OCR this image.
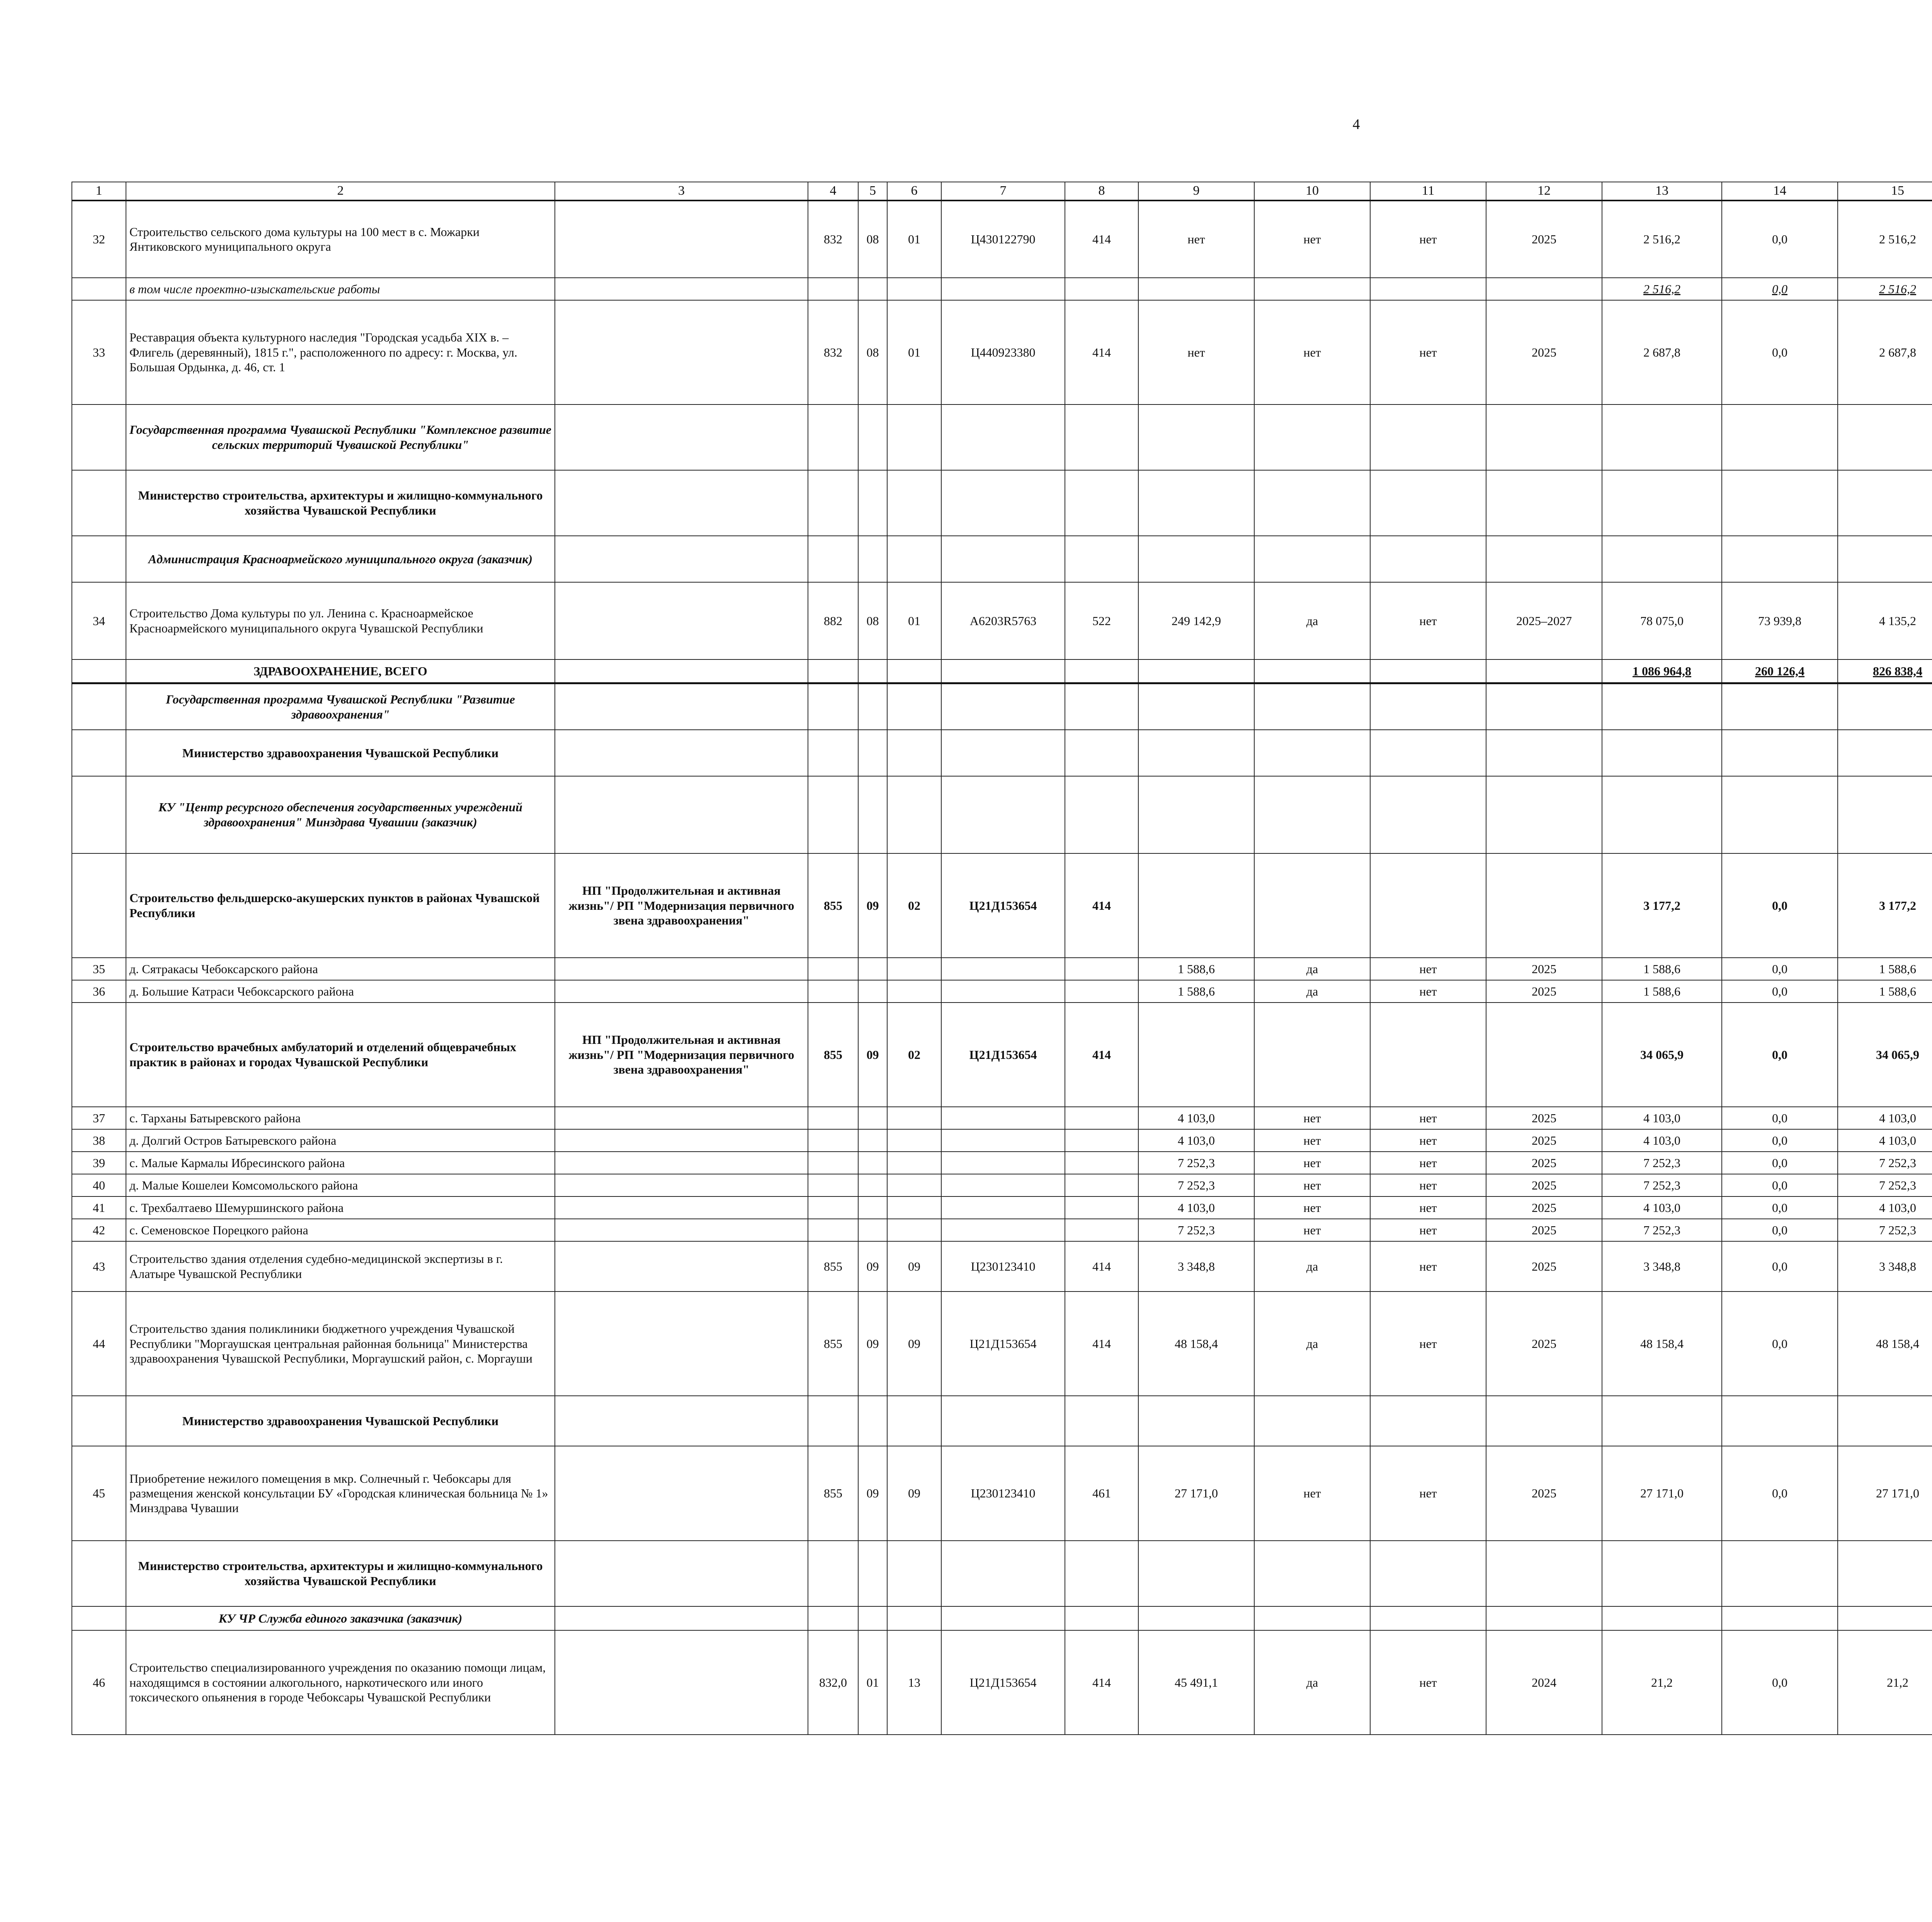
4
1	2	3	4	5	6	7	8	9	10	11	12	13	14	15						
32	Строительство сельского дома культуры на 100 мест в с. Можарки Янтиковского муниципального округа		832	08	01	Ц430122790	414	нет	нет	нет	2025	2 516,2	0,0	2 516,2						
	в том числе проектно-изыскательские работы											2 516,2	0,0	2 516,2						
33	Реставрация объекта культурного наследия "Городская усадьба XIX в. – Флигель (деревянный), 1815 г.", расположенного по адресу: г. Москва, ул. Большая Ордынка, д. 46, ст. 1		832	08	01	Ц440923380	414	нет	нет	нет	2025	2 687,8	0,0	2 687,8						
	Государственная программа Чувашской Республики "Комплексное развитие сельских территорий Чувашской Республики"																			
	Министерство строительства, архитектуры и жилищно-коммунального хозяйства Чувашской Республики																			
	Администрация Красноармейского муниципального округа (заказчик)																			
34	Строительство Дома культуры по ул. Ленина с. Красноармейское Красноармейского муниципального округа Чувашской Республики		882	08	01	А6203R5763	522	249 142,9	да	нет	2025–2027	78 075,0	73 939,8	4 135,2						
	ЗДРАВООХРАНЕНИЕ, ВСЕГО											1 086 964,8	260 126,4	826 838,4						
	Государственная программа Чувашской Республики "Развитие здравоохранения"																			
	Министерство здравоохранения Чувашской Республики																			
	КУ "Центр ресурсного обеспечения государственных учреждений здравоохранения" Минздрава Чувашии (заказчик)																			
	Строительство фельдшерско-акушерских пунктов в районах Чувашской Республики	НП "Продолжительная и активная жизнь"/ РП "Модернизация первичного звена здравоохранения"	855	09	02	Ц21Д153654	414					3 177,2	0,0	3 177,2						
35	д. Сятракасы Чебоксарского района							1 588,6	да	нет	2025	1 588,6	0,0	1 588,6						
36	д. Большие Катраси Чебоксарского района							1 588,6	да	нет	2025	1 588,6	0,0	1 588,6						
	Строительство врачебных амбулаторий и отделений общеврачебных практик в районах и городах Чувашской Республики	НП "Продолжительная и активная жизнь"/ РП "Модернизация первичного звена здравоохранения"	855	09	02	Ц21Д153654	414					34 065,9	0,0	34 065,9						
37	с. Тарханы Батыревского района							4 103,0	нет	нет	2025	4 103,0	0,0	4 103,0						
38	д. Долгий Остров Батыревского района							4 103,0	нет	нет	2025	4 103,0	0,0	4 103,0						
39	с. Малые Кармалы Ибресинского района							7 252,3	нет	нет	2025	7 252,3	0,0	7 252,3						
40	д. Малые Кошелеи Комсомольского района							7 252,3	нет	нет	2025	7 252,3	0,0	7 252,3						
41	с. Трехбалтаево Шемуршинского района							4 103,0	нет	нет	2025	4 103,0	0,0	4 103,0						
42	с. Семеновское Порецкого района							7 252,3	нет	нет	2025	7 252,3	0,0	7 252,3						
43	Строительство здания отделения судебно-медицинской экспертизы в г. Алатыре Чувашской Республики		855	09	09	Ц230123410	414	3 348,8	да	нет	2025	3 348,8	0,0	3 348,8						
44	Строительство здания поликлиники бюджетного учреждения Чувашской Республики "Моргаушская центральная районная больница" Министерства здравоохранения Чувашской Республики, Моргаушский район, с. Моргауши		855	09	09	Ц21Д153654	414	48 158,4	да	нет	2025	48 158,4	0,0	48 158,4						
	Министерство здравоохранения Чувашской Республики																			
45	Приобретение нежилого помещения в мкр. Солнечный г. Чебоксары для размещения женской консультации БУ «Городская клиническая больница № 1» Минздрава Чувашии		855	09	09	Ц230123410	461	27 171,0	нет	нет	2025	27 171,0	0,0	27 171,0						
	Министерство строительства, архитектуры и жилищно-коммунального хозяйства Чувашской Республики																			
	КУ ЧР Служба единого заказчика (заказчик)																			
46	Строительство специализированного учреждения по оказанию помощи лицам, находящимся в состоянии алкогольного, наркотического или иного токсического опьянения в городе Чебоксары Чувашской Республики		832,0	01	13	Ц21Д153654	414	45 491,1	да	нет	2024	21,2	0,0	21,2						
